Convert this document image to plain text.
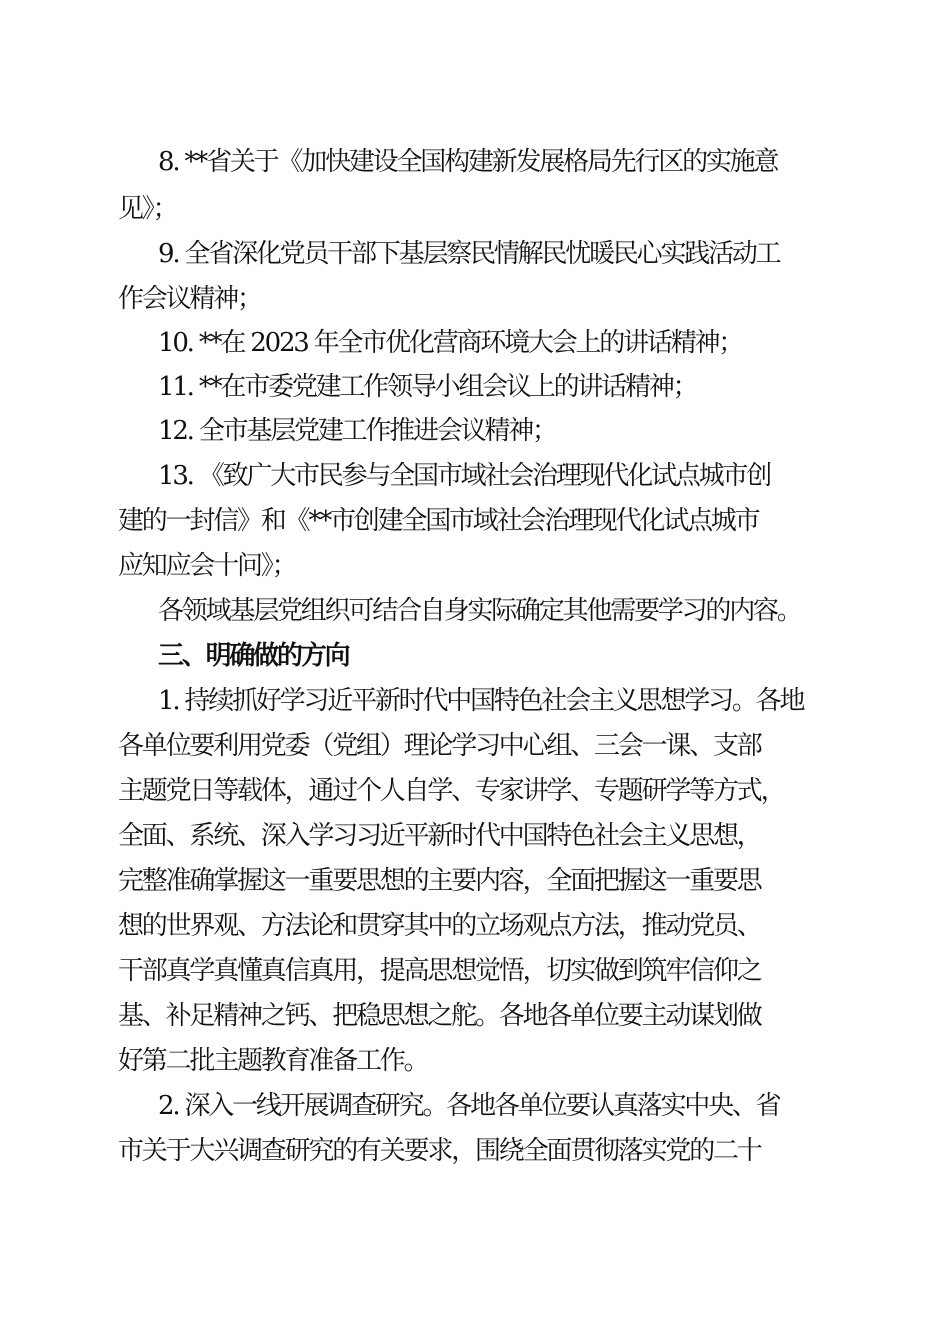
8. **省关于《加快建设全国构建新发展格局先行区的实施意
见》；
9. 全省深化党员干部下基层察民情解民忧暖民心实践活动工
作会议精神；
10. **在 2023 年全市优化营商环境大会上的讲话精神；
11. **在市委党建工作领导小组会议上的讲话精神；
12. 全市基层党建工作推进会议精神；
13. 《致广大市民参与全国市域社会治理现代化试点城市创
建的一封信》和《**市创建全国市域社会治理现代化试点城市
应知应会十问》；
各领域基层党组织可结合自身实际确定其他需要学习的内容。
三、明确做的方向
1. 持续抓好学习近平新时代中国特色社会主义思想学习。各地
各单位要利用党委（党组）理论学习中心组、三会一课、支部
主题党日等载体，通过个人自学、专家讲学、专题研学等方式，
全面、系统、深入学习习近平新时代中国特色社会主义思想，
完整准确掌握这一重要思想的主要内容，全面把握这一重要思
想的世界观、方法论和贯穿其中的立场观点方法，推动党员、
干部真学真懂真信真用，提高思想觉悟，切实做到筑牢信仰之
基、补足精神之钙、把稳思想之舵。各地各单位要主动谋划做
好第二批主题教育准备工作。
2. 深入一线开展调查研究。各地各单位要认真落实中央、省
市关于大兴调查研究的有关要求，围绕全面贯彻落实党的二十
